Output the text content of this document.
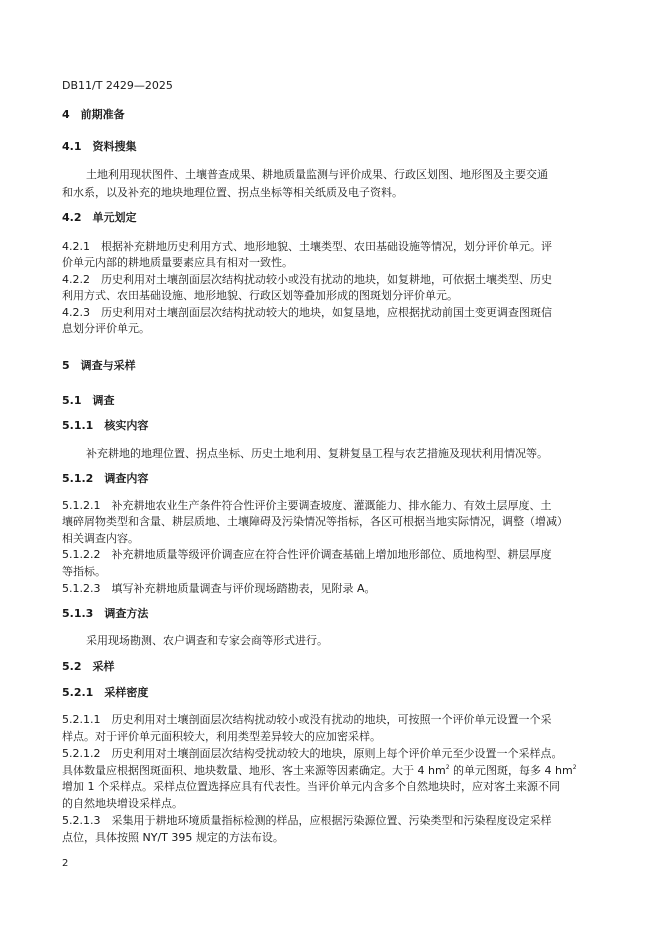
DB11/T 2429—2025
4　前期准备
4.1　资料搜集
土地利用现状图件、土壤普查成果、耕地质量监测与评价成果、行政区划图、地形图及主要交通
和水系，以及补充的地块地理位置、拐点坐标等相关纸质及电子资料。
4.2　单元划定
4.2.1　根据补充耕地历史利用方式、地形地貌、土壤类型、农田基础设施等情况，划分评价单元。评
价单元内部的耕地质量要素应具有相对一致性。
4.2.2　历史利用对土壤剖面层次结构扰动较小或没有扰动的地块，如复耕地，可依据土壤类型、历史
利用方式、农田基础设施、地形地貌、行政区划等叠加形成的图斑划分评价单元。
4.2.3　历史利用对土壤剖面层次结构扰动较大的地块，如复垦地，应根据扰动前国土变更调查图斑信
息划分评价单元。
5　调查与采样
5.1　调查
5.1.1　核实内容
补充耕地的地理位置、拐点坐标、历史土地利用、复耕复垦工程与农艺措施及现状利用情况等。
5.1.2　调查内容
5.1.2.1　补充耕地农业生产条件符合性评价主要调查坡度、灌溉能力、排水能力、有效土层厚度、土
壤碎屑物类型和含量、耕层质地、土壤障碍及污染情况等指标，各区可根据当地实际情况，调整（增减）
相关调查内容。
5.1.2.2　补充耕地质量等级评价调查应在符合性评价调查基础上增加地形部位、质地构型、耕层厚度
等指标。
5.1.2.3　填写补充耕地质量调查与评价现场踏勘表，见附录 A。
5.1.3　调查方法
采用现场勘测、农户调查和专家会商等形式进行。
5.2　采样
5.2.1　采样密度
5.2.1.1　历史利用对土壤剖面层次结构扰动较小或没有扰动的地块，可按照一个评价单元设置一个采
样点。对于评价单元面积较大，利用类型差异较大的应加密采样。
5.2.1.2　历史利用对土壤剖面层次结构受扰动较大的地块，原则上每个评价单元至少设置一个采样点。
具体数量应根据图斑面积、地块数量、地形、客土来源等因素确定。大于 4 $hm^2$ 的单元图斑，每多 4 $hm^2$
增加 1 个采样点。采样点位置选择应具有代表性。当评价单元内含多个自然地块时，应对客土来源不同
的自然地块增设采样点。
5.2.1.3　采集用于耕地环境质量指标检测的样品，应根据污染源位置、污染类型和污染程度设定采样
点位，具体按照 NY/T 395 规定的方法布设。
2
